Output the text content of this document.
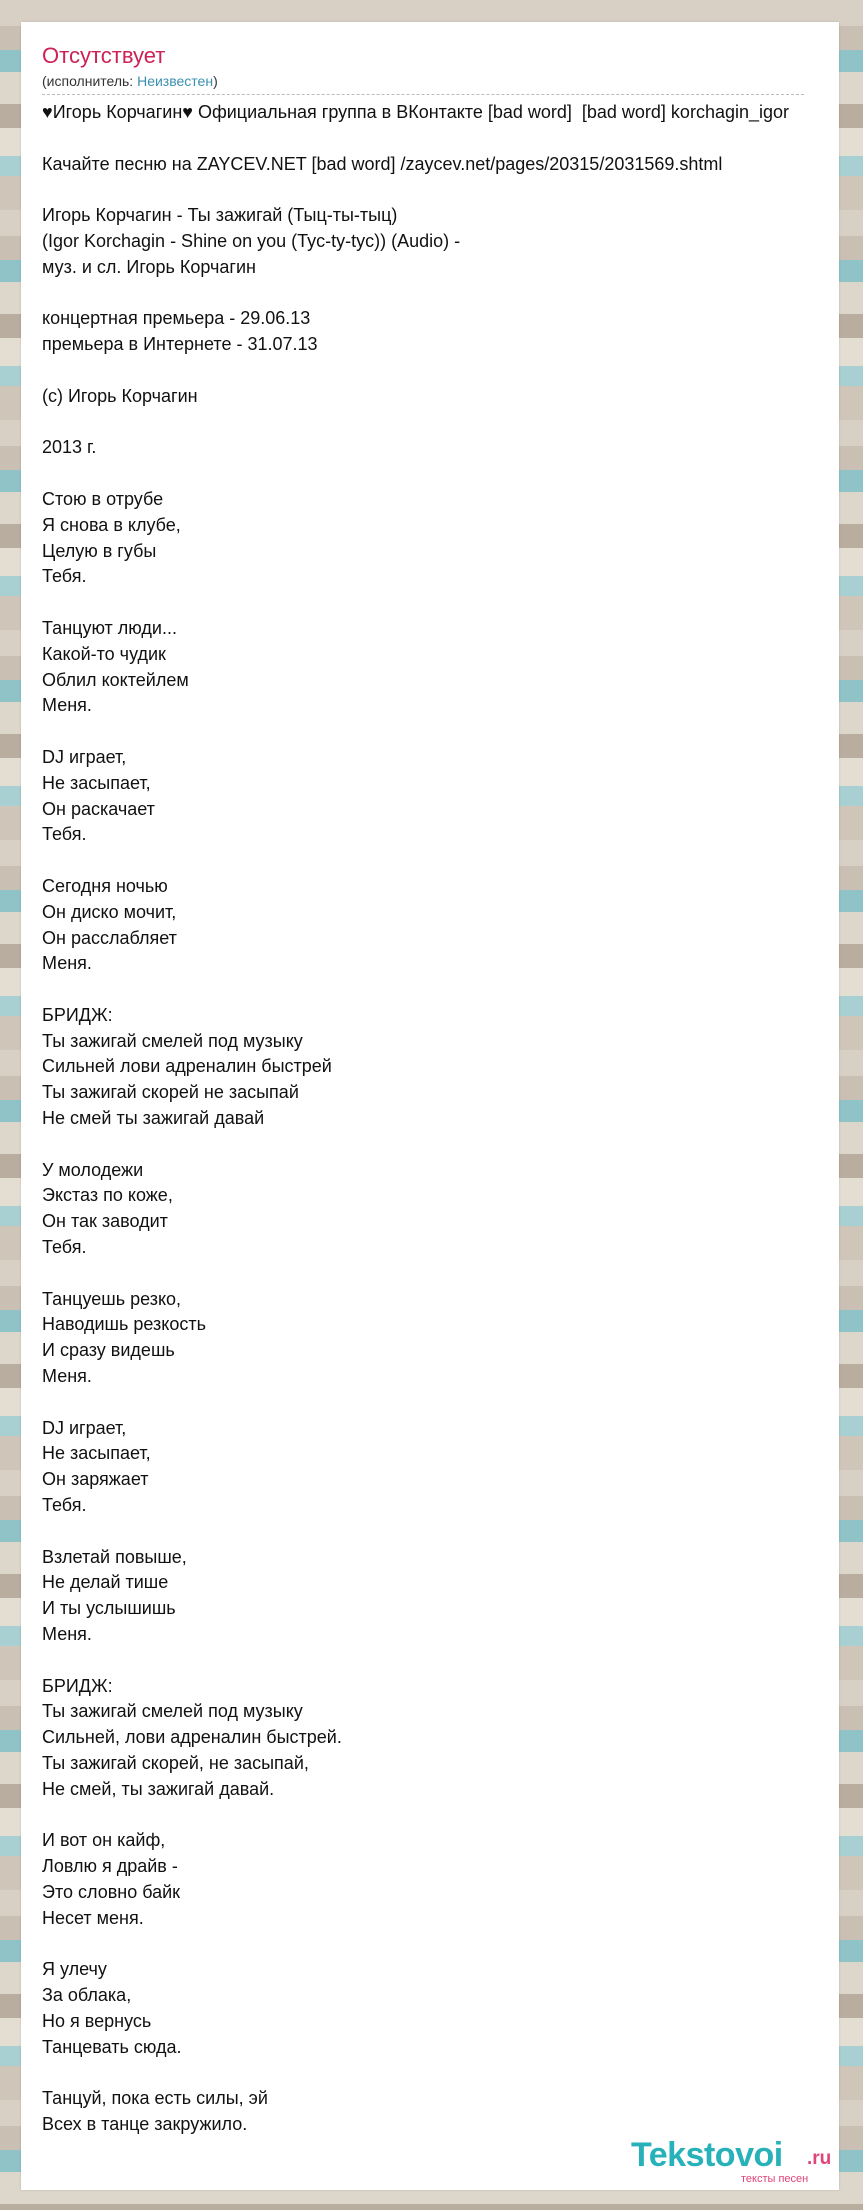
Отсутствует
(исполнитель: Неизвестен)
♥Игорь Корчагин♥ Официальная группа в ВКонтакте [bad word]  [bad word] korchagin_igor
Качайте песню на ZAYCEV.NET [bad word] /zaycev.net/pages/20315/2031569.shtml
Игорь Корчагин - Ты зажигай (Тыц-ты-тыц)
(Igor Korchagin - Shine on you (Tyc-ty-tyc)) (Audio) -
муз. и сл. Игорь Корчагин
концертная премьера - 29.06.13
премьера в Интернете - 31.07.13
(c) Игорь Корчагин
2013 г.
Стою в отрубе
Я снова в клубе,
Целую в губы
Тебя.
Танцуют люди...
Какой-то чудик
Облил коктейлем
Меня.
DJ играет,
Не засыпает,
Он раскачает
Тебя.
Сегодня ночью
Он диско мочит,
Он расслабляет
Меня.
БРИДЖ:
Ты зажигай смелей под музыку
Сильней лови адреналин быстрей
Ты зажигай скорей не засыпай
Не смей ты зажигай давай
У молодежи
Экстаз по коже,
Он так заводит
Тебя.
Танцуешь резко,
Наводишь резкость
И сразу видешь
Меня.
DJ играет,
Не засыпает,
Он заряжает
Тебя.
Взлетай повыше,
Не делай тише
И ты услышишь
Меня.
БРИДЖ:
Ты зажигай смелей под музыку
Сильней, лови адреналин быстрей.
Ты зажигай скорей, не засыпай,
Не смей, ты зажигай давай.
И вот он кайф,
Ловлю я драйв -
Это словно байк
Несет меня.
Я улечу
За облака,
Но я вернусь
Танцевать сюда.
Танцуй, пока есть силы, эй
Всех в танце закружило.
Tekstovoi .ru
тексты песен
